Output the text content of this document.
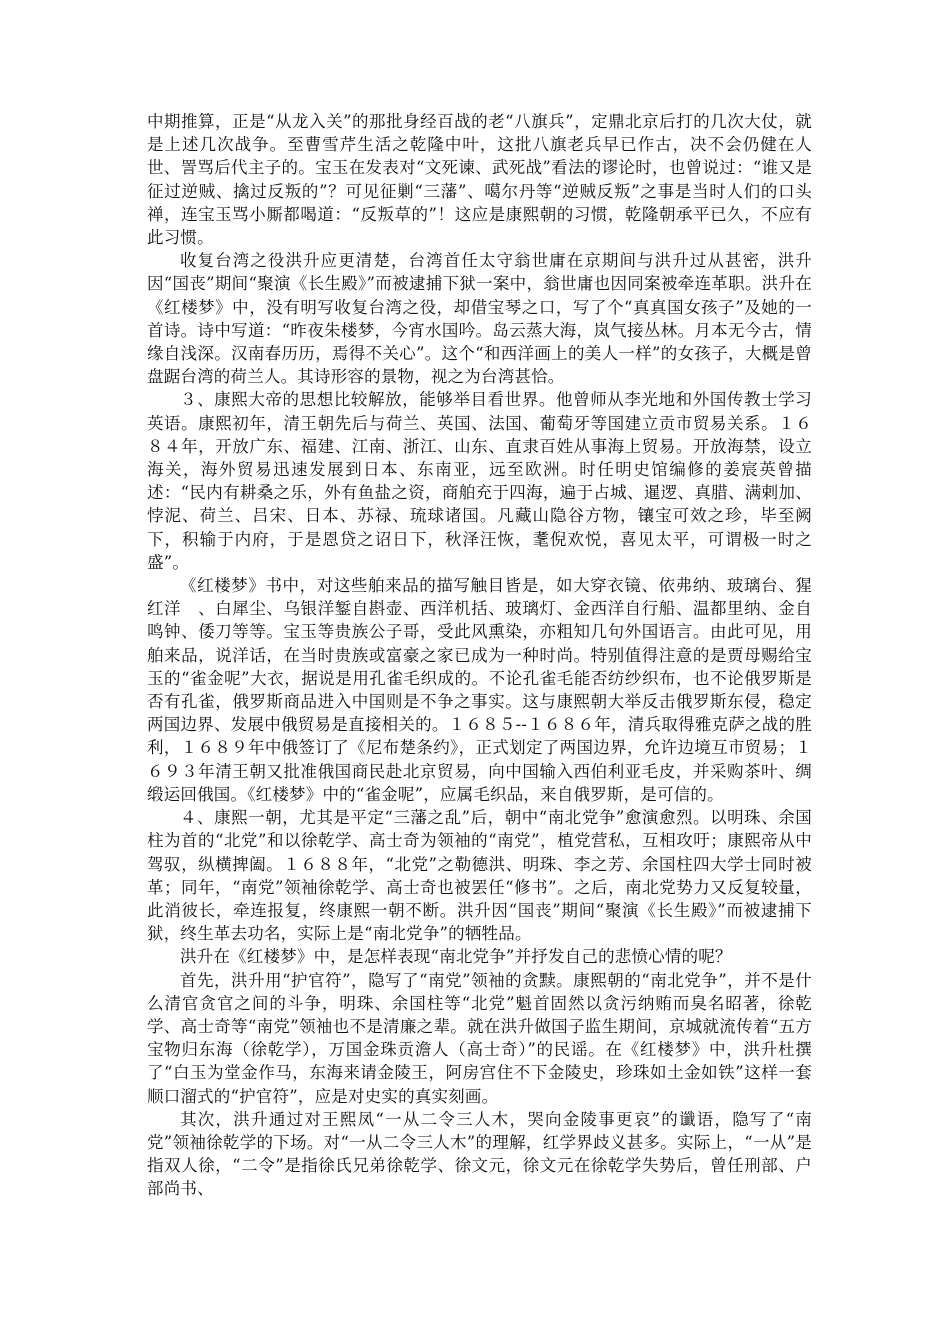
中期推算，正是“从龙入关”的那批身经百战的老“八旗兵”，定鼎北京后打的几次大仗，就是上述几次战争。至曹雪芹生活之乾隆中叶，这批八旗老兵早已作古，决不会仍健在人世、詈骂后代主子的。宝玉在发表对“文死谏、武死战”看法的谬论时，也曾说过：“谁又是征过逆贼、擒过反叛的”？可见征剿“三藩”、噶尔丹等“逆贼反叛”之事是当时人们的口头禅，连宝玉骂小厮都喝道：“反叛草的”！这应是康熙朝的习惯，乾隆朝承平已久，不应有此习惯。

收复台湾之役洪升应更清楚，台湾首任太守翁世庸在京期间与洪升过从甚密，洪升因“国丧”期间“聚演《长生殿》”而被逮捕下狱一案中，翁世庸也因同案被牵连革职。洪升在《红楼梦》中，没有明写收复台湾之役，却借宝琴之口，写了个“真真国女孩子”及她的一首诗。诗中写道：“昨夜朱楼梦，今宵水国吟。岛云蒸大海，岚气接丛林。月本无今古，情缘自浅深。汉南春历历，焉得不关心”。这个“和西洋画上的美人一样”的女孩子，大概是曾盘踞台湾的荷兰人。其诗形容的景物，视之为台湾甚恰。

３、康熙大帝的思想比较解放，能够举目看世界。他曾师从李光地和外国传教士学习英语。康熙初年，清王朝先后与荷兰、英国、法国、葡萄牙等国建立贡市贸易关系。１６８４年，开放广东、福建、江南、浙江、山东、直隶百姓从事海上贸易。开放海禁，设立海关，海外贸易迅速发展到日本、东南亚，远至欧洲。时任明史馆编修的姜宸英曾描述：“民内有耕桑之乐，外有鱼盐之资，商舶充于四海，遍于占城、暹逻、真腊、满剌加、悖泥、荷兰、吕宋、日本、苏禄、琉球诸国。凡藏山隐谷方物，镶宝可效之珍，毕至阙下，积输于内府，于是恩贷之诏日下，秋泽汪恢，耄倪欢悦，喜见太平，可谓极一时之盛”。

《红楼梦》书中，对这些舶来品的描写触目皆是，如大穿衣镜、依弗纳、玻璃台、猩红洋　、白犀尘、乌银洋錾自斟壶、西洋机括、玻璃灯、金西洋自行船、温都里纳、金自鸣钟、倭刀等等。宝玉等贵族公子哥，受此风熏染，亦粗知几句外国语言。由此可见，用舶来品，说洋话，在当时贵族或富豪之家已成为一种时尚。特别值得注意的是贾母赐给宝玉的“雀金呢”大衣，据说是用孔雀毛织成的。不论孔雀毛能否纺纱织布，也不论俄罗斯是否有孔雀，俄罗斯商品进入中国则是不争之事实。这与康熙朝大举反击俄罗斯东侵，稳定两国边界、发展中俄贸易是直接相关的。１６８５--１６８６年，清兵取得雅克萨之战的胜利，１６８９年中俄签订了《尼布楚条约》，正式划定了两国边界，允许边境互市贸易；１６９３年清王朝又批准俄国商民赴北京贸易，向中国输入西伯利亚毛皮，并采购茶叶、绸缎运回俄国。《红楼梦》中的“雀金呢”，应属毛织品，来自俄罗斯，是可信的。

４、康熙一朝，尤其是平定“三藩之乱”后，朝中“南北党争”愈演愈烈。以明珠、余国柱为首的“北党”和以徐乾学、高士奇为领袖的“南党”，植党营私，互相攻吁；康熙帝从中驾驭，纵横捭阖。１６８８年，“北党”之勒德洪、明珠、李之芳、余国柱四大学士同时被革；同年，“南党”领袖徐乾学、高士奇也被罢任“修书”。之后，南北党势力又反复较量，此消彼长，牵连报复，终康熙一朝不断。洪升因“国丧”期间“聚演《长生殿》”而被逮捕下狱，终生革去功名，实际上是“南北党争”的牺牲品。

洪升在《红楼梦》中，是怎样表现“南北党争”并抒发自己的悲愤心情的呢？

首先，洪升用“护官符”，隐写了“南党”领袖的贪黩。康熙朝的“南北党争”，并不是什么清官贪官之间的斗争，明珠、余国柱等“北党”魁首固然以贪污纳贿而臭名昭著，徐乾学、高士奇等“南党”领袖也不是清廉之辈。就在洪升做国子监生期间，京城就流传着“五方宝物归东海（徐乾学），万国金珠贡澹人（高士奇）”的民谣。在《红楼梦》中，洪升杜撰了“白玉为堂金作马，东海来请金陵王，阿房宫住不下金陵史，珍珠如土金如铁”这样一套顺口溜式的“护官符”，应是对史实的真实刻画。

其次，洪升通过对王熙凤“一从二令三人木，哭向金陵事更哀”的谶语，隐写了“南党”领袖徐乾学的下场。对“一从二令三人木”的理解，红学界歧义甚多。实际上，“一从”是指双人徐，“二令”是指徐氏兄弟徐乾学、徐文元，徐文元在徐乾学失势后，曾任刑部、户部尚书、
